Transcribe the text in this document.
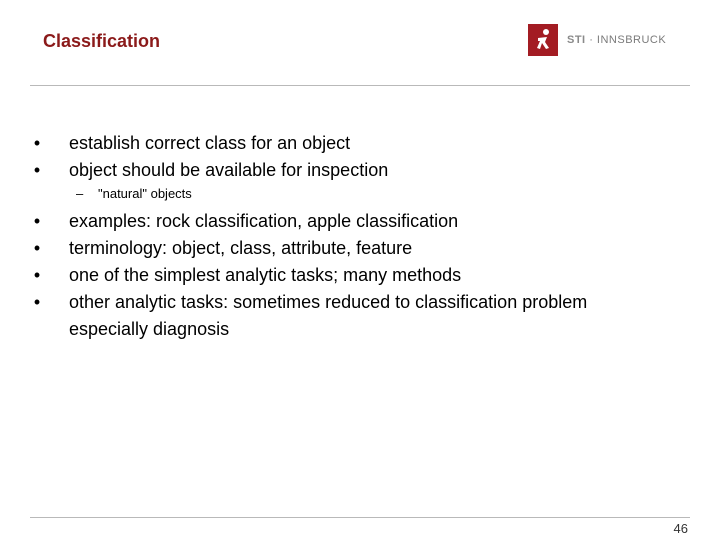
Classification	STI · INNSBRUCK
• establish correct class for an object
• object should be available for inspection
– "natural" objects
• examples: rock classification, apple classification
• terminology: object, class, attribute, feature
• one of the simplest analytic tasks; many methods
• other analytic tasks: sometimes reduced to classification problem
especially diagnosis
46
